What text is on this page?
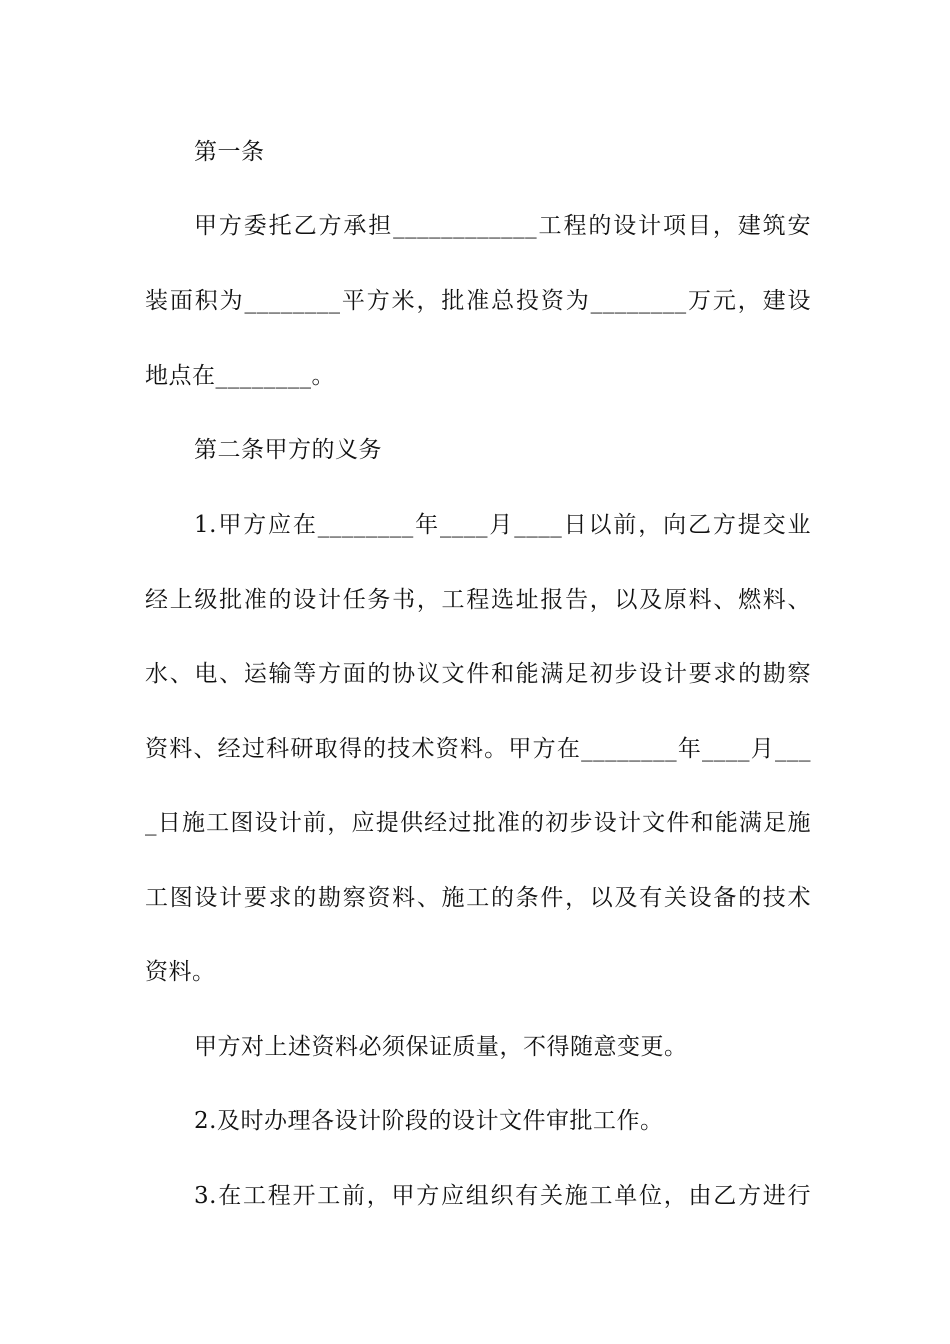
第一条
甲方委托乙方承担____________工程的设计项目，建筑安
装面积为________平方米，批准总投资为________万元，建设
地点在________。
第二条甲方的义务
1.甲方应在________年____月____日以前，向乙方提交业
经上级批准的设计任务书，工程选址报告，以及原料、燃料、
水、电、运输等方面的协议文件和能满足初步设计要求的勘察
资料、经过科研取得的技术资料。甲方在________年____月___
_日施工图设计前，应提供经过批准的初步设计文件和能满足施
工图设计要求的勘察资料、施工的条件，以及有关设备的技术
资料。
甲方对上述资料必须保证质量，不得随意变更。
2.及时办理各设计阶段的设计文件审批工作。
3.在工程开工前，甲方应组织有关施工单位，由乙方进行
